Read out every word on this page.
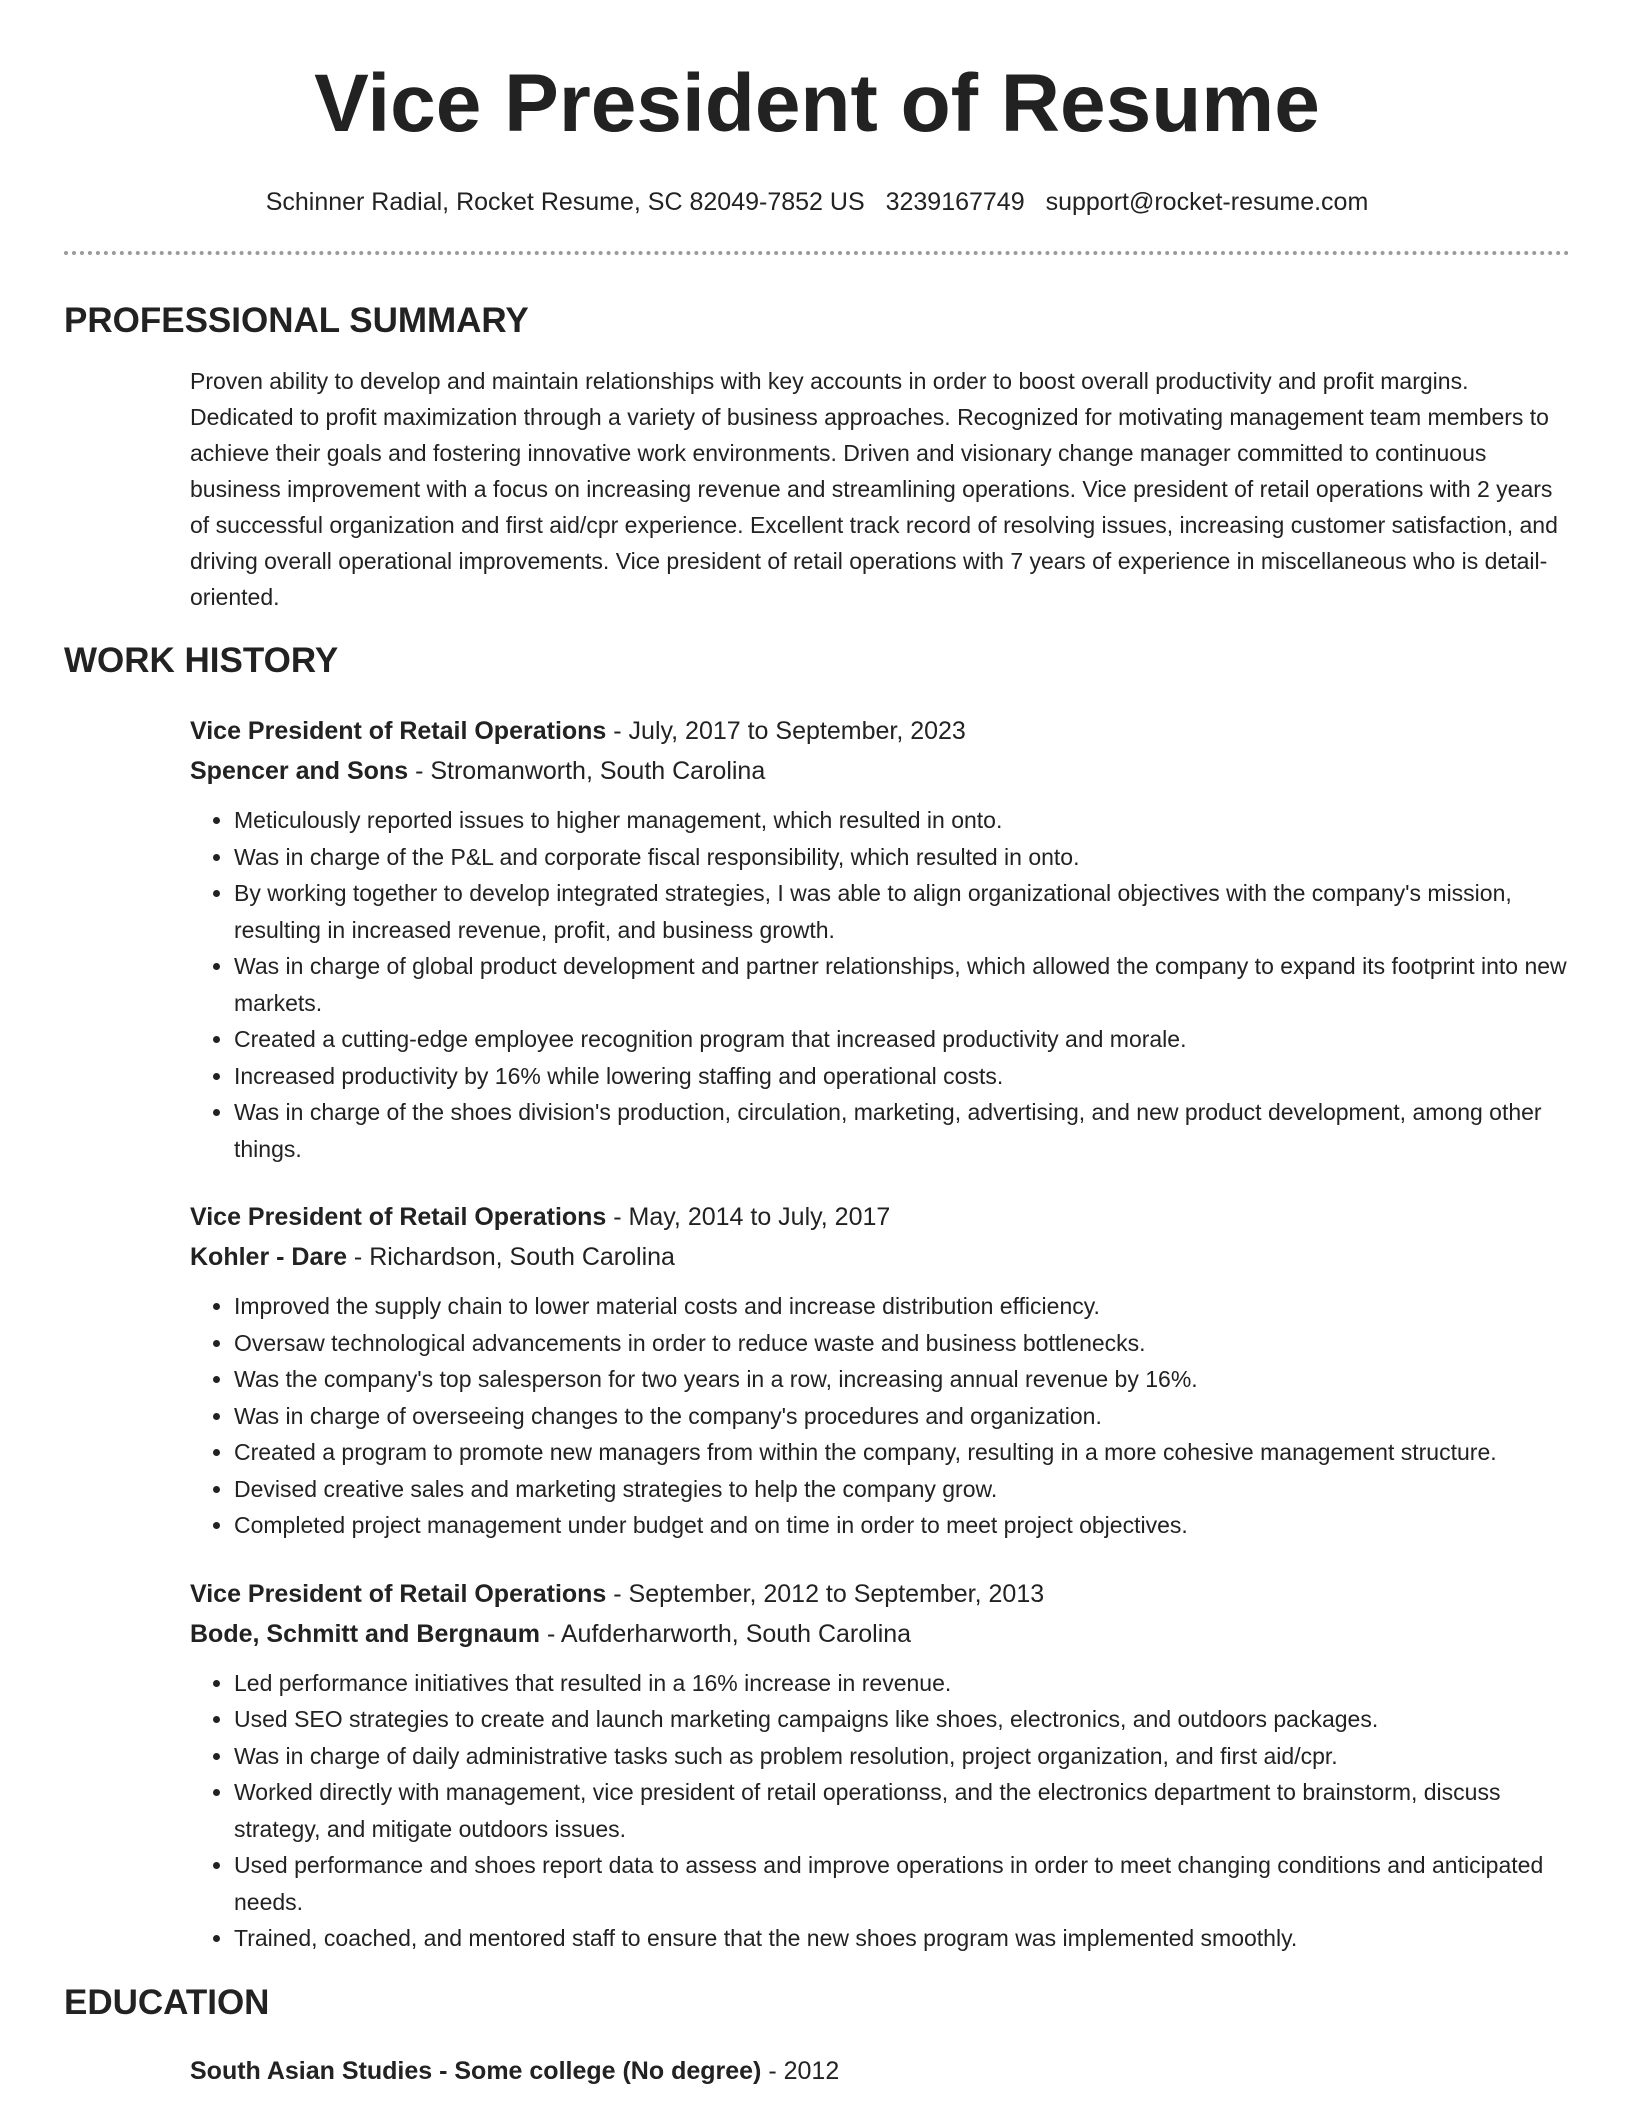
Vice President of Resume
Schinner Radial, Rocket Resume, SC 82049-7852 US 3239167749 support@rocket-resume.com
PROFESSIONAL SUMMARY
Proven ability to develop and maintain relationships with key accounts in order to boost overall productivity and profit margins. Dedicated to profit maximization through a variety of business approaches. Recognized for motivating management team members to achieve their goals and fostering innovative work environments. Driven and visionary change manager committed to continuous business improvement with a focus on increasing revenue and streamlining operations. Vice president of retail operations with 2 years of successful organization and first aid/cpr experience. Excellent track record of resolving issues, increasing customer satisfaction, and driving overall operational improvements. Vice president of retail operations with 7 years of experience in miscellaneous who is detail-oriented.
WORK HISTORY
Vice President of Retail Operations - July, 2017 to September, 2023
Spencer and Sons - Stromanworth, South Carolina
• Meticulously reported issues to higher management, which resulted in onto.
• Was in charge of the P&L and corporate fiscal responsibility, which resulted in onto.
• By working together to develop integrated strategies, I was able to align organizational objectives with the company's mission, resulting in increased revenue, profit, and business growth.
• Was in charge of global product development and partner relationships, which allowed the company to expand its footprint into new markets.
• Created a cutting-edge employee recognition program that increased productivity and morale.
• Increased productivity by 16% while lowering staffing and operational costs.
• Was in charge of the shoes division's production, circulation, marketing, advertising, and new product development, among other things.
Vice President of Retail Operations - May, 2014 to July, 2017
Kohler - Dare - Richardson, South Carolina
• Improved the supply chain to lower material costs and increase distribution efficiency.
• Oversaw technological advancements in order to reduce waste and business bottlenecks.
• Was the company's top salesperson for two years in a row, increasing annual revenue by 16%.
• Was in charge of overseeing changes to the company's procedures and organization.
• Created a program to promote new managers from within the company, resulting in a more cohesive management structure.
• Devised creative sales and marketing strategies to help the company grow.
• Completed project management under budget and on time in order to meet project objectives.
Vice President of Retail Operations - September, 2012 to September, 2013
Bode, Schmitt and Bergnaum - Aufderharworth, South Carolina
• Led performance initiatives that resulted in a 16% increase in revenue.
• Used SEO strategies to create and launch marketing campaigns like shoes, electronics, and outdoors packages.
• Was in charge of daily administrative tasks such as problem resolution, project organization, and first aid/cpr.
• Worked directly with management, vice president of retail operationss, and the electronics department to brainstorm, discuss strategy, and mitigate outdoors issues.
• Used performance and shoes report data to assess and improve operations in order to meet changing conditions and anticipated needs.
• Trained, coached, and mentored staff to ensure that the new shoes program was implemented smoothly.
EDUCATION
South Asian Studies - Some college (No degree) - 2012
